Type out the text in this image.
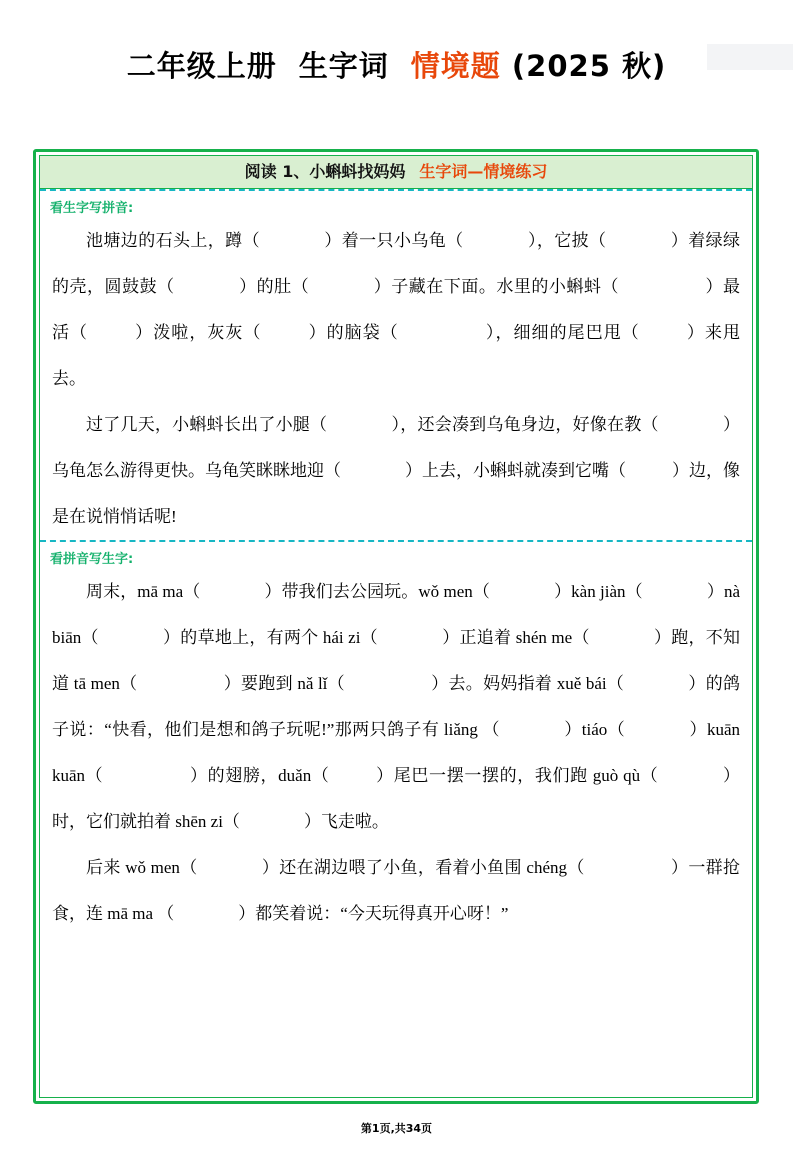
二年级上册 生字词 情境题 (2025 秋)
阅读 1、小蝌蚪找妈妈 生字词—情境练习
看生字写拼音:
池塘边的石头上，蹲（	）着一只小乌龟（	），它披（	）着绿绿的壳，圆鼓鼓（	）的肚（	）子藏在下面。水里的小蝌蚪（	）最活（	）泼啦，灰灰（	）的脑袋（	），细细的尾巴甩（	）来甩去。
过了几天，小蝌蚪长出了小腿（	），还会凑到乌龟身边，好像在教（	）乌龟怎么游得更快。乌龟笑眯眯地迎（	）上去，小蝌蚪就凑到它嘴（	）边，像是在说悄悄话呢!
看拼音写生字:
周末，mā ma（	）带我们去公园玩。wǒ men（	）kàn jiàn（	）nà biān（	）的草地上，有两个 hái zi（	）正追着 shén me（	）跑，不知道 tā men（	）要跑到 nǎ lǐ（	）去。妈妈指着 xuě bái（	）的鸽子说：“快看，他们是想和鸽子玩呢!”那两只鸽子有 liǎng （	）tiáo（	）kuān kuān（	）的翅膀，duǎn（	）尾巴一摆一摆的，我们跑 guò qù（	）时，它们就拍着 shēn zi（	）飞走啦。
后来 wǒ men（	）还在湖边喂了小鱼，看着小鱼围 chéng（	）一群抢食，连 mā ma （	）都笑着说：“今天玩得真开心呀！”
第1页,共34页
